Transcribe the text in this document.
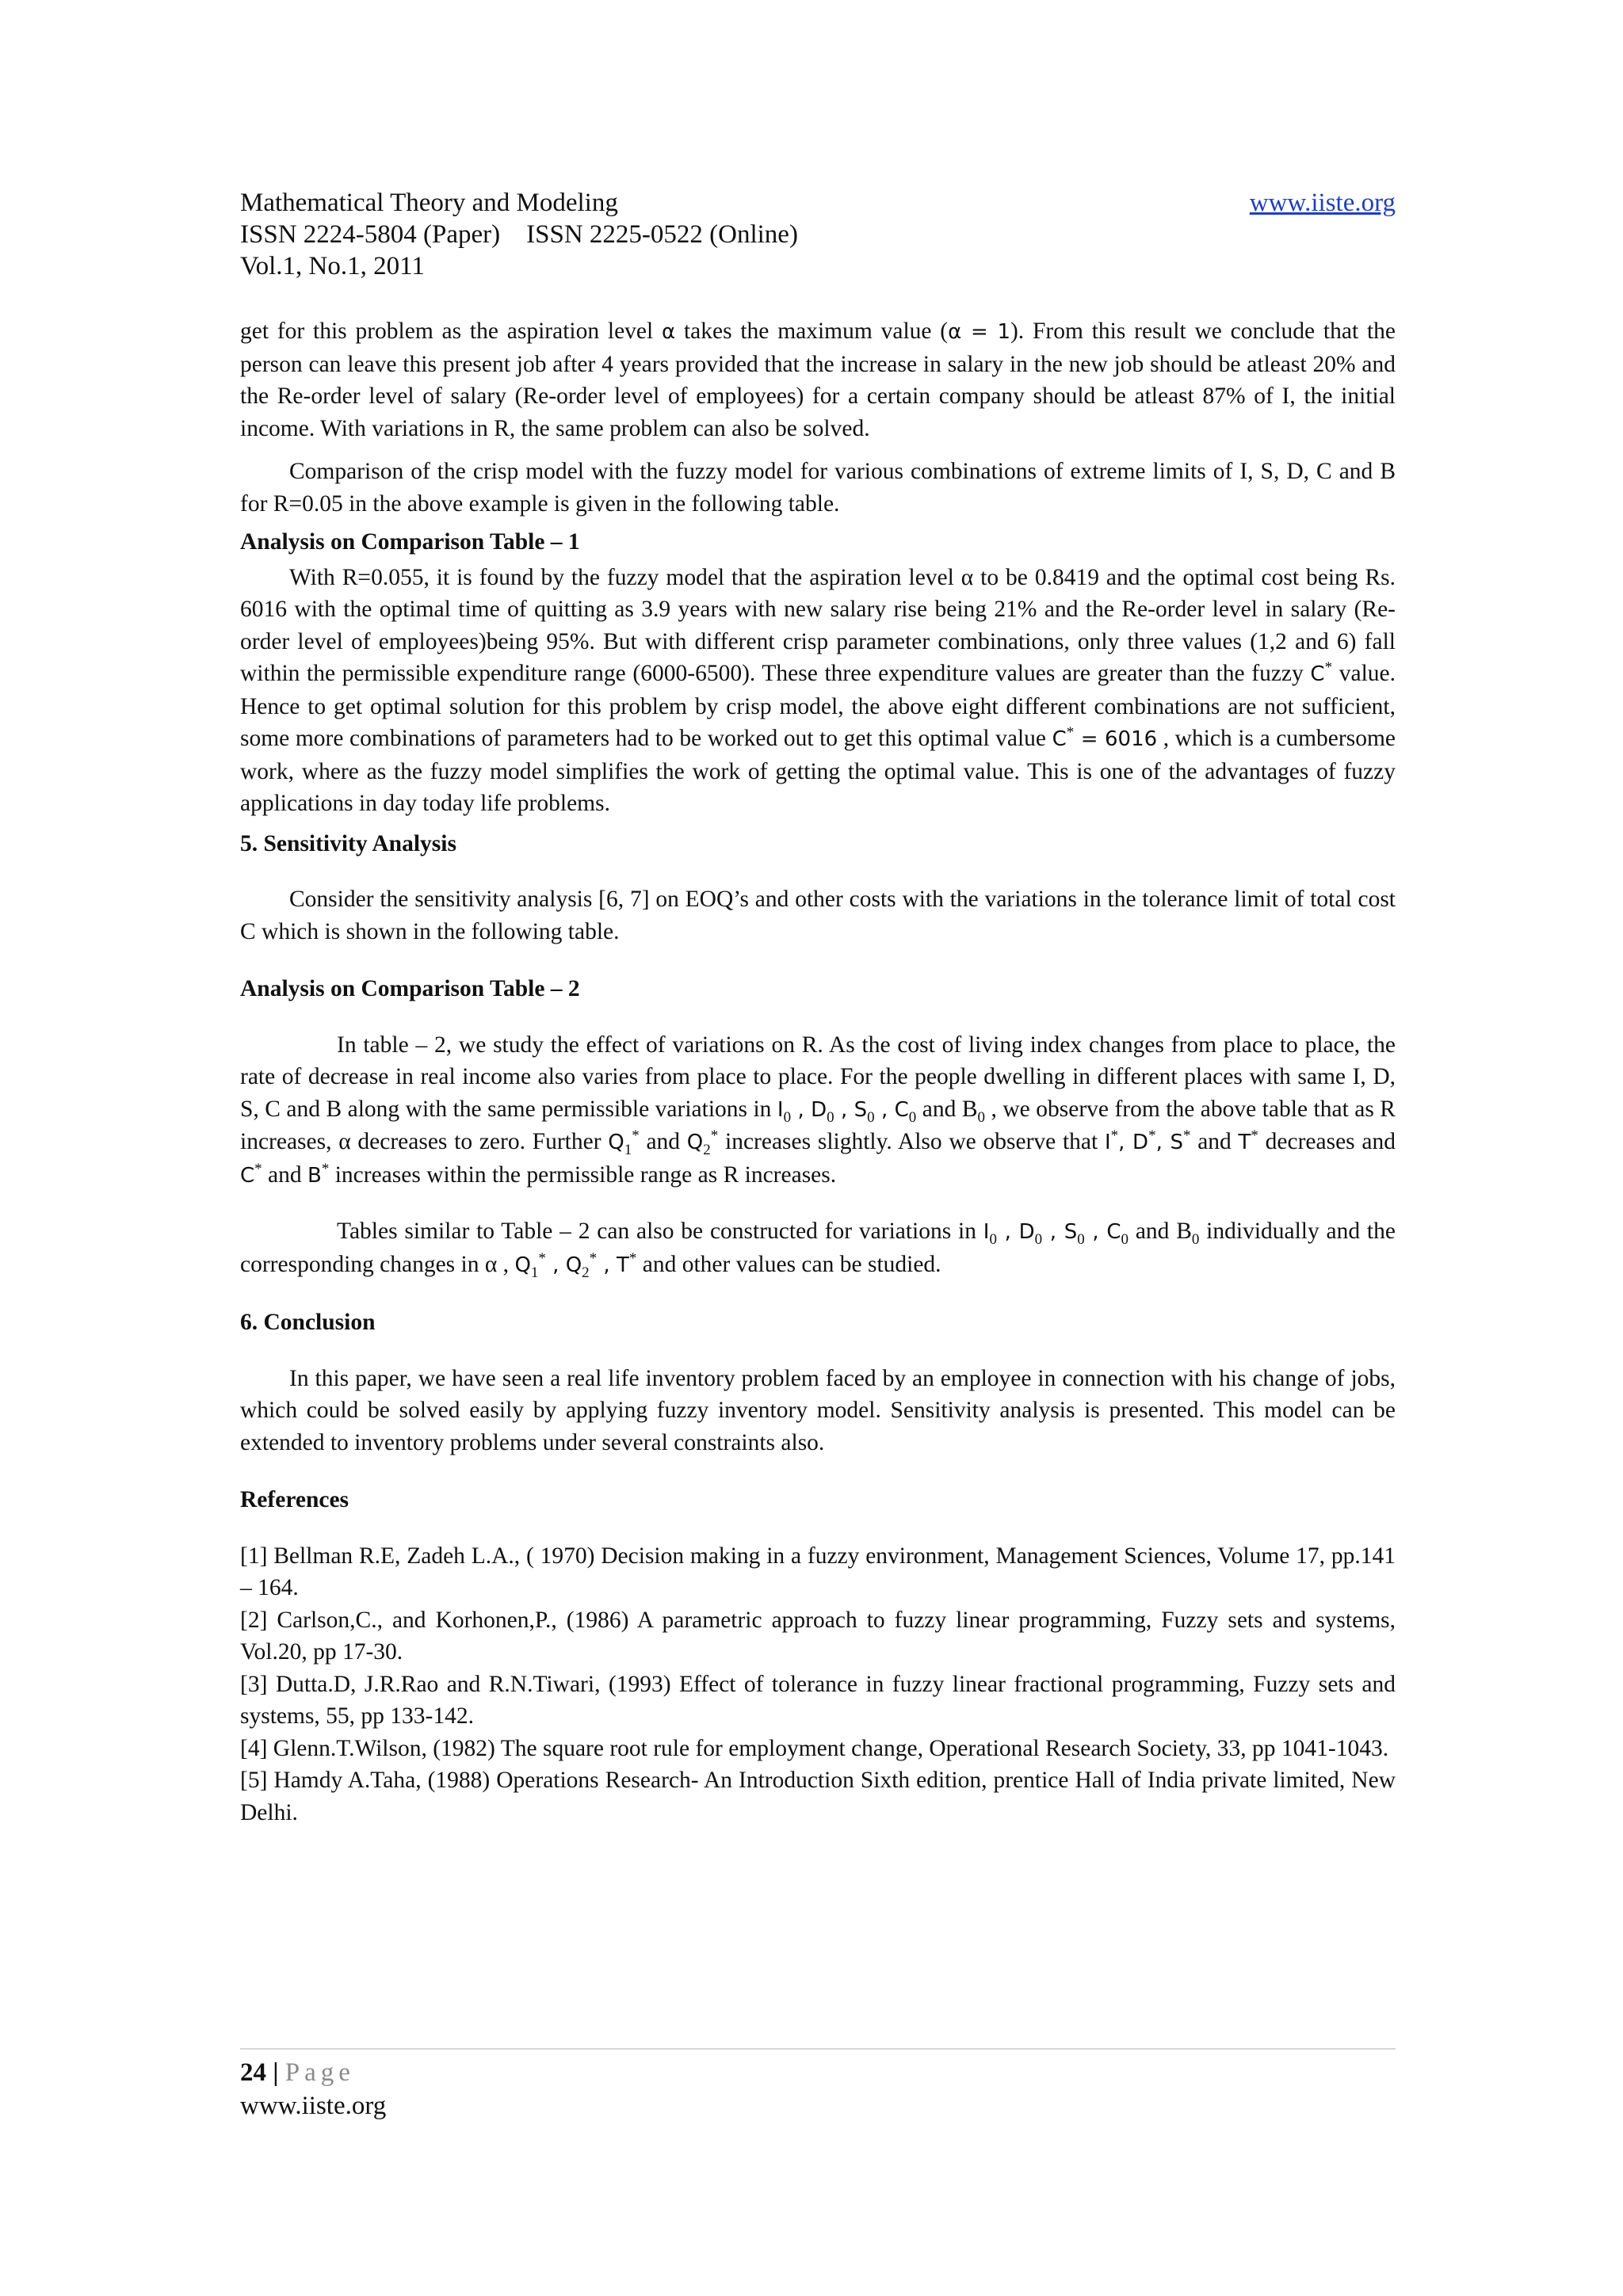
Mathematical Theory and Modeling	www.iiste.org
ISSN 2224-5804 (Paper)    ISSN 2225-0522 (Online)
Vol.1, No.1, 2011

get for this problem as the aspiration level α takes the maximum value (α = 1). From this result we conclude that the person can leave this present job after 4 years provided that the increase in salary in the new job should be atleast 20% and the Re-order level of salary (Re-order level of employees) for a certain company should be atleast 87% of I, the initial income. With variations in R, the same problem can also be solved.

Comparison of the crisp model with the fuzzy model for various combinations of extreme limits of I, S, D, C and B for R=0.05 in the above example is given in the following table.

Analysis on Comparison Table – 1

With R=0.055, it is found by the fuzzy model that the aspiration level α to be 0.8419 and the optimal cost being Rs. 6016 with the optimal time of quitting as 3.9 years with new salary rise being 21% and the Re-order level in salary (Re-order level of employees)being 95%. But with different crisp parameter combinations, only three values (1,2 and 6) fall within the permissible expenditure range (6000-6500). These three expenditure values are greater than the fuzzy C* value. Hence to get optimal solution for this problem by crisp model, the above eight different combinations are not sufficient, some more combinations of parameters had to be worked out to get this optimal value C* = 6016 , which is a cumbersome work, where as the fuzzy model simplifies the work of getting the optimal value. This is one of the advantages of fuzzy applications in day today life problems.

5. Sensitivity Analysis

Consider the sensitivity analysis [6, 7] on EOQ’s and other costs with the variations in the tolerance limit of total cost C which is shown in the following table.

Analysis on Comparison Table – 2

In table – 2, we study the effect of variations on R. As the cost of living index changes from place to place, the rate of decrease in real income also varies from place to place. For the people dwelling in different places with same I, D, S, C and B along with the same permissible variations in $I_0$ , $D_0$ , $S_0$ , $C_0$ and $B_0$ , we observe from the above table that as R increases, α decreases to zero. Further $Q_1^*$ and $Q_2^*$ increases slightly. Also we observe that I*, D*, S* and T* decreases and C* and B* increases within the permissible range as R increases.

Tables similar to Table – 2 can also be constructed for variations in $I_0$ , $D_0$ , $S_0$ , $C_0$ and $B_0$ individually and the corresponding changes in α , $Q_1^*$ , $Q_2^*$ , T* and other values can be studied.

6. Conclusion

In this paper, we have seen a real life inventory problem faced by an employee in connection with his change of jobs, which could be solved easily by applying fuzzy inventory model. Sensitivity analysis is presented. This model can be extended to inventory problems under several constraints also.

References

[1] Bellman R.E, Zadeh L.A., ( 1970) Decision making in a fuzzy environment, Management Sciences, Volume 17, pp.141 – 164.

[2] Carlson,C., and Korhonen,P., (1986) A parametric approach to fuzzy linear programming, Fuzzy sets and systems, Vol.20, pp 17-30.

[3] Dutta.D, J.R.Rao and R.N.Tiwari, (1993) Effect of tolerance in fuzzy linear fractional programming, Fuzzy sets and systems, 55, pp 133-142.

[4] Glenn.T.Wilson, (1982) The square root rule for employment change, Operational Research Society, 33, pp 1041-1043.

[5] Hamdy A.Taha, (1988) Operations Research- An Introduction Sixth edition, prentice Hall of India private limited, New Delhi.

24 | Page
www.iiste.org
